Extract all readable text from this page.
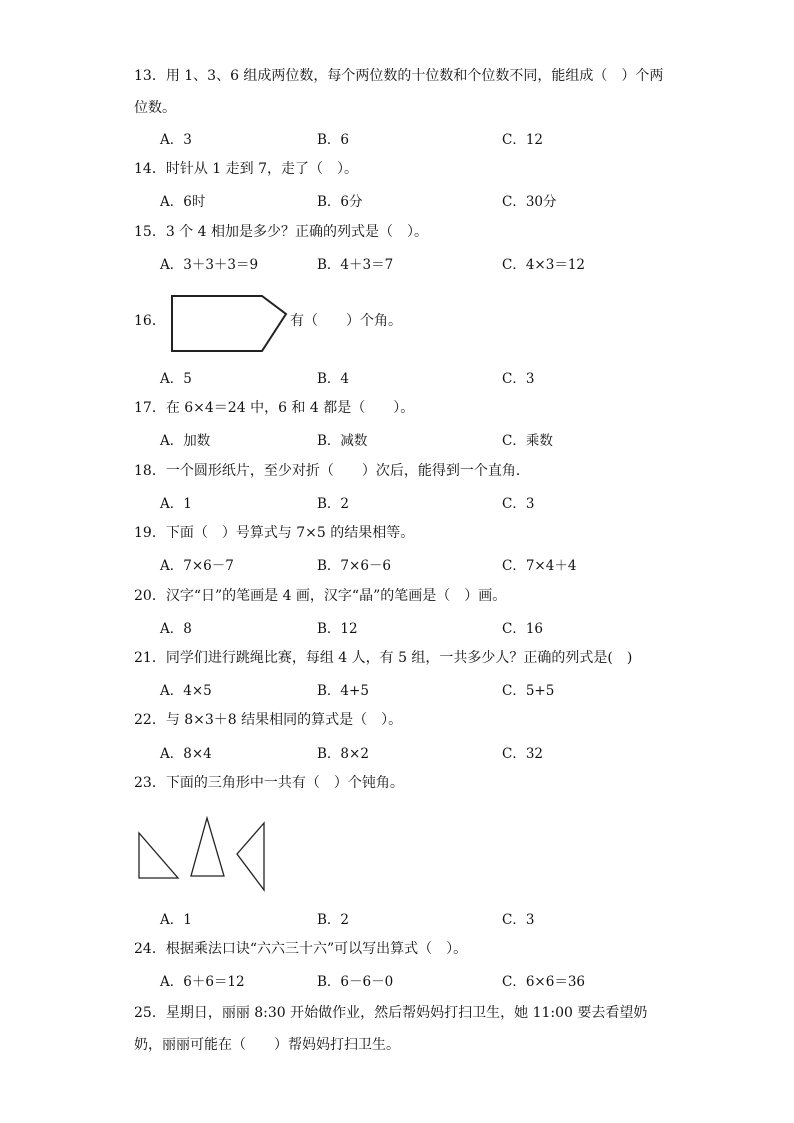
13．用 1、3、6 组成两位数，每个两位数的十位数和个位数不同，能组成（　）个两位数。
A．3	B．6	C．12
14．时针从 1 走到 7，走了（　）。
A．6时	B．6分	C．30分
15．3 个 4 相加是多少？正确的列式是（　）。
A．3＋3＋3＝9	B．4＋3＝7	C．4×3＝12
16．	有（　　）个角。
A．5	B．4	C．3
17．在 6×4＝24 中，6 和 4 都是（　　）。
A．加数	B．减数	C．乘数
18．一个圆形纸片，至少对折（　　）次后，能得到一个直角．
A．1	B．2	C．3
19．下面（　）号算式与 7×5 的结果相等。
A．7×6－7	B．7×6－6	C．7×4＋4
20．汉字“日”的笔画是 4 画，汉字“晶”的笔画是（　）画。
A．8	B．12	C．16
21．同学们进行跳绳比赛，每组 4 人，有 5 组，一共多少人？正确的列式是(　)
A．4×5	B．4+5	C．5+5
22．与 8×3＋8 结果相同的算式是（　）。
A．8×4	B．8×2	C．32
23．下面的三角形中一共有（　）个钝角。
A．1	B．2	C．3
24．根据乘法口诀“六六三十六”可以写出算式（　）。
A．6＋6＝12	B．6－6－0	C．6×6＝36
25．星期日，丽丽 8:30 开始做作业，然后帮妈妈打扫卫生，她 11:00 要去看望奶奶，丽丽可能在（　　）帮妈妈打扫卫生。
